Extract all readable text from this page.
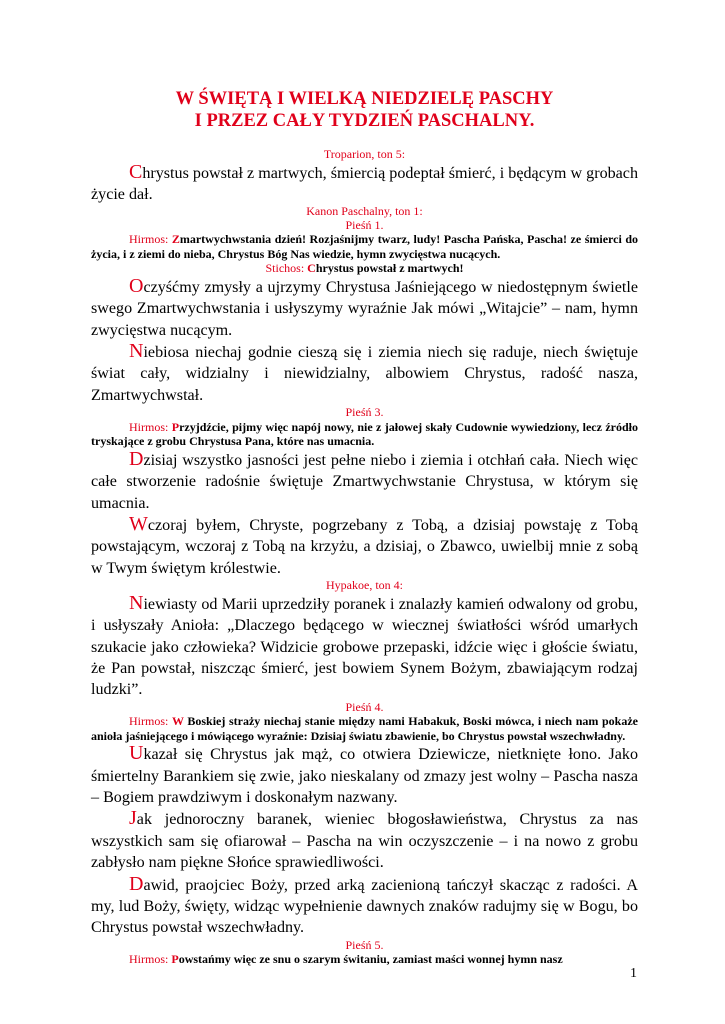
W ŚWIĘTĄ I WIELKĄ NIEDZIELĘ PASCHY
I PRZEZ CAŁY TYDZIEŃ PASCHALNY.
Troparion, ton 5:

Chrystus powstał z martwych, śmiercią podeptał śmierć, i będącym w grobach życie dał.

Kanon Paschalny, ton 1:
Pieśń 1.

Hirmos: Zmartwychwstania dzień! Rozjaśnijmy twarz, ludy! Pascha Pańska, Pascha! ze śmierci do życia, i z ziemi do nieba, Chrystus Bóg Nas wiedzie, hymn zwycięstwa nucących.

Stichos: Chrystus powstał z martwych!

Oczyśćmy zmysły a ujrzymy Chrystusa Jaśniejącego w niedostępnym świetle swego Zmartwychwstania i usłyszymy wyraźnie Jak mówi „Witajcie” – nam, hymn zwycięstwa nucącym.

Niebiosa niechaj godnie cieszą się i ziemia niech się raduje, niech świętuje świat cały, widzialny i niewidzialny, albowiem Chrystus, radość nasza, Zmartwychwstał.

Pieśń 3.

Hirmos: Przyjdźcie, pijmy więc napój nowy, nie z jałowej skały Cudownie wywiedziony, lecz źródło tryskające z grobu Chrystusa Pana, które nas umacnia.

Dzisiaj wszystko jasności jest pełne niebo i ziemia i otchłań cała. Niech więc całe stworzenie radośnie świętuje Zmartwychwstanie Chrystusa, w którym się umacnia.

Wczoraj byłem, Chryste, pogrzebany z Tobą, a dzisiaj powstaję z Tobą powstającym, wczoraj z Tobą na krzyżu, a dzisiaj, o Zbawco, uwielbij mnie z sobą w Twym świętym królestwie.

Hypakoe, ton 4:

Niewiasty od Marii uprzedziły poranek i znalazły kamień odwalony od grobu, i usłyszały Anioła: „Dlaczego będącego w wiecznej światłości wśród umarłych szukacie jako człowieka? Widzicie grobowe przepaski, idźcie więc i głoście światu, że Pan powstał, niszcząc śmierć, jest bowiem Synem Bożym, zbawiającym rodzaj ludzki”.

Pieśń 4.

Hirmos: W Boskiej straży niechaj stanie między nami Habakuk, Boski mówca, i niech nam pokaże anioła jaśniejącego i mówiącego wyraźnie: Dzisiaj światu zbawienie, bo Chrystus powstał wszechwładny.

Ukazał się Chrystus jak mąż, co otwiera Dziewicze, nietknięte łono. Jako śmiertelny Barankiem się zwie, jako nieskalany od zmazy jest wolny – Pascha nasza – Bogiem prawdziwym i doskonałym nazwany.

Jak jednoroczny baranek, wieniec błogosławieństwa, Chrystus za nas wszystkich sam się ofiarował – Pascha na win oczyszczenie – i na nowo z grobu zabłysło nam piękne Słońce sprawiedliwości.

Dawid, praojciec Boży, przed arką zacienioną tańczył skacząc z radości. A my, lud Boży, święty, widząc wypełnienie dawnych znaków radujmy się w Bogu, bo Chrystus powstał wszechwładny.

Pieśń 5.

Hirmos: Powstańmy więc ze snu o szarym świtaniu, zamiast maści wonnej hymn nasz

1
